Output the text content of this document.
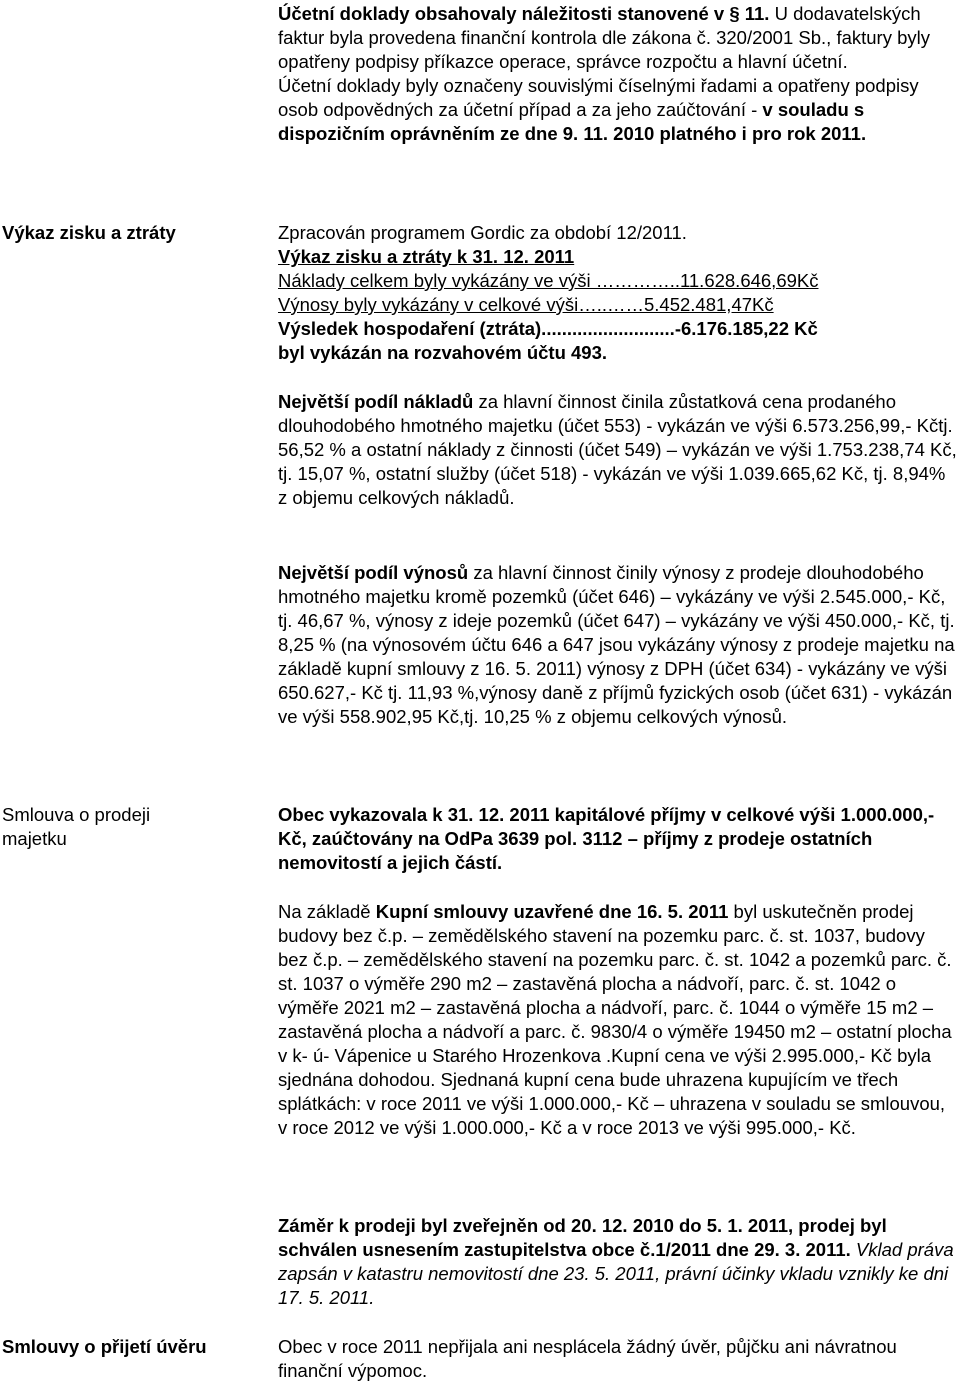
Účetní doklady obsahovaly náležitosti stanovené v § 11. U dodavatelských faktur byla provedena finanční kontrola dle zákona č. 320/2001 Sb., faktury byly opatřeny podpisy příkazce operace, správce rozpočtu a hlavní účetní.

Účetní doklady byly označeny souvislými číselnými řadami a opatřeny podpisy osob odpovědných za účetní případ a za jeho zaúčtování - v souladu s dispozičním oprávněním ze dne 9. 11. 2010 platného i pro rok 2011.

Výkaz zisku a ztráty	Zpracován programem Gordic za období 12/2011.

Výkaz zisku a ztráty k 31. 12. 2011

Náklady celkem byly vykázány ve výši …………..11.628.646,69Kč

Výnosy byly vykázány v celkové výši…..……5.452.481,47Kč

Výsledek hospodaření (ztráta)..........................-6.176.185,22 Kč

byl vykázán na rozvahovém účtu 493.

Největší podíl nákladů za hlavní činnost činila zůstatková cena prodaného dlouhodobého hmotného majetku (účet 553) - vykázán ve výši 6.573.256,99,- Kčtj. 56,52 % a ostatní náklady z činnosti (účet 549) – vykázán ve výši 1.753.238,74 Kč, tj. 15,07 %, ostatní služby (účet 518) - vykázán ve výši 1.039.665,62 Kč, tj. 8,94% z objemu celkových nákladů.

Největší podíl výnosů za hlavní činnost činily výnosy z prodeje dlouhodobého hmotného majetku kromě pozemků (účet 646) – vykázány ve výši 2.545.000,- Kč, tj. 46,67 %, výnosy z ideje pozemků (účet 647) – vykázány ve výši 450.000,- Kč, tj. 8,25 % (na výnosovém účtu 646 a 647 jsou vykázány výnosy z prodeje majetku na základě kupní smlouvy z 16. 5. 2011) výnosy z DPH (účet 634) - vykázány ve výši 650.627,- Kč tj. 11,93 %,výnosy daně z příjmů fyzických osob (účet 631) - vykázán ve výši 558.902,95 Kč,tj. 10,25 % z objemu celkových výnosů.

Smlouva o prodeji majetku

Obec vykazovala k 31. 12. 2011 kapitálové příjmy v celkové výši 1.000.000,- Kč, zaúčtovány na OdPa 3639 pol. 3112 – příjmy z prodeje ostatních nemovitostí a jejich částí.

Na základě Kupní smlouvy uzavřené dne 16. 5. 2011 byl uskutečněn prodej budovy bez č.p. – zemědělského stavení na pozemku parc. č. st. 1037, budovy bez č.p. – zemědělského stavení na pozemku parc. č. st. 1042 a pozemků parc. č. st. 1037 o výměře 290 m2 – zastavěná plocha a nádvoří, parc. č. st. 1042 o výměře 2021 m2 – zastavěná plocha a nádvoří, parc. č. 1044 o výměře 15 m2 – zastavěná plocha a nádvoří a parc. č. 9830/4 o výměře 19450 m2 – ostatní plocha v k- ú- Vápenice u Starého Hrozenkova .Kupní cena ve výši 2.995.000,- Kč byla sjednána dohodou. Sjednaná kupní cena bude uhrazena kupujícím ve třech splátkách: v roce 2011 ve výši 1.000.000,- Kč – uhrazena v souladu se smlouvou, v roce 2012 ve výši 1.000.000,- Kč a v roce 2013 ve výši 995.000,- Kč.

Záměr k prodeji byl zveřejněn od 20. 12. 2010 do 5. 1. 2011, prodej byl schválen usnesením zastupitelstva obce č.1/2011 dne 29. 3. 2011. Vklad práva zapsán v katastru nemovitostí dne 23. 5. 2011, právní účinky vkladu vznikly ke dni 17. 5. 2011.

Smlouvy o přijetí úvěru	Obec v roce 2011 nepřijala ani nesplácela žádný úvěr, půjčku ani návratnou finanční výpomoc.
